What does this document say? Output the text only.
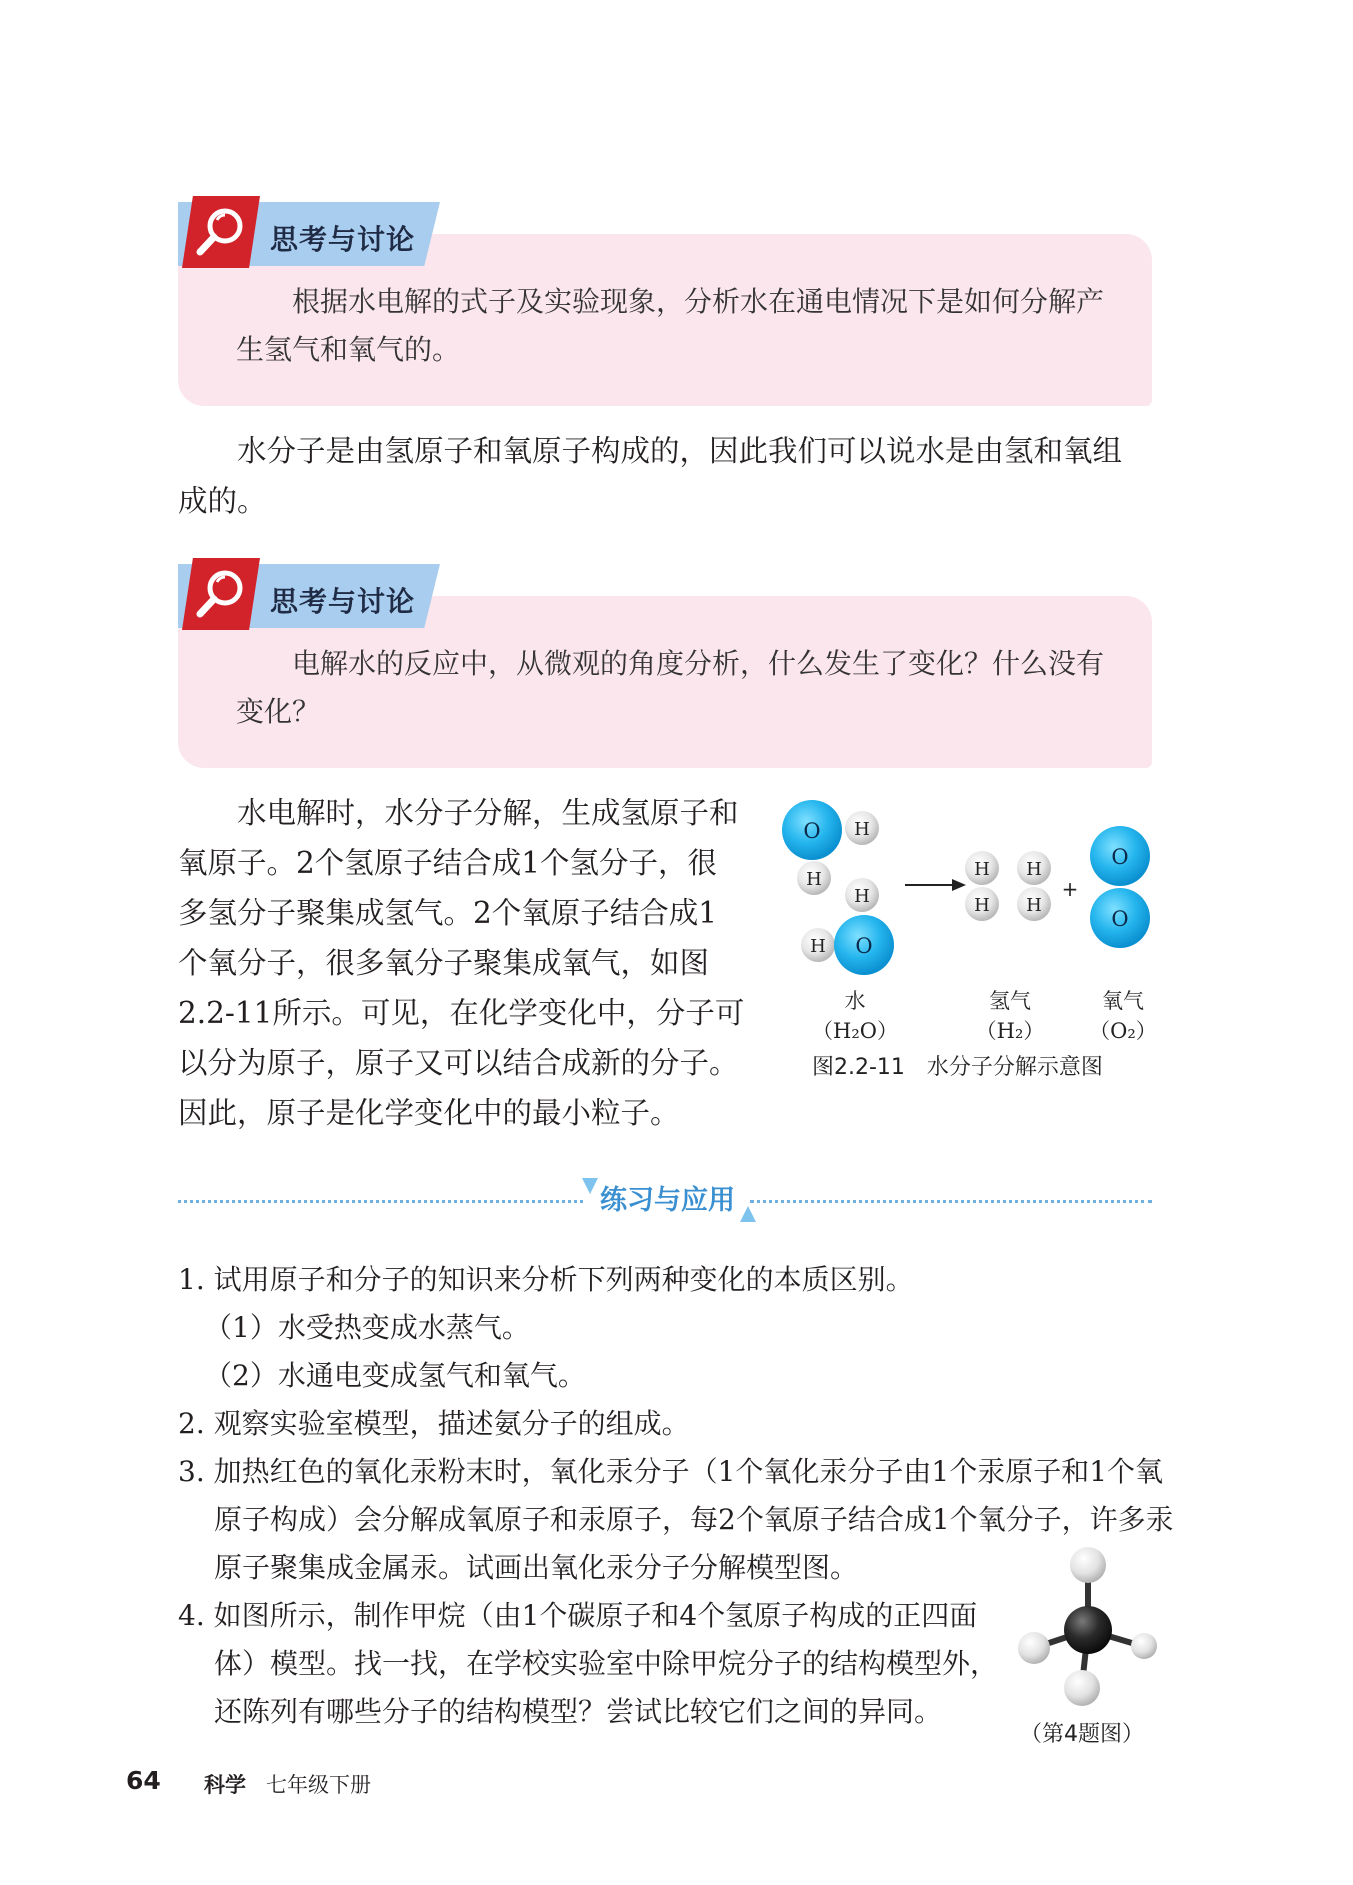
思考与讨论

根据水电解的式子及实验现象，分析水在通电情况下是如何分解产

生氢气和氧气的。

水分子是由氢原子和氧原子构成的，因此我们可以说水是由氢和氧组

成的。
思考与讨论

电解水的反应中，从微观的角度分析，什么发生了变化？什么没有

变化？

水电解时，水分子分解，生成氢原子和

氧原子。2个氢原子结合成1个氢分子，很
多氢分子聚集成氢气。2个氧原子结合成1
个氧分子，很多氧分子聚集成氧气，如图
2.2-11所示。可见，在化学变化中，分子可
以分为原子，原子又可以结合成新的分子。
因此，原子是化学变化中的最小粒子。
O H
H
H
H O
H
H
H
H
+
O
O
水
（H₂O）
氢气
（H₂）
氧气
（O₂）
图2.2-11　水分子分解示意图
练习与应用
1. 试用原子和分子的知识来分析下列两种变化的本质区别。
（1）水受热变成水蒸气。
（2）水通电变成氢气和氧气。
2. 观察实验室模型，描述氨分子的组成。
3. 加热红色的氧化汞粉末时，氧化汞分子（1个氧化汞分子由1个汞原子和1个氧
原子构成）会分解成氧原子和汞原子，每2个氧原子结合成1个氧分子，许多汞
原子聚集成金属汞。试画出氧化汞分子分解模型图。
4. 如图所示，制作甲烷（由1个碳原子和4个氢原子构成的正四面
体）模型。找一找，在学校实验室中除甲烷分子的结构模型外，
还陈列有哪些分子的结构模型？尝试比较它们之间的异同。
（第4题图）
64 科学 七年级下册
